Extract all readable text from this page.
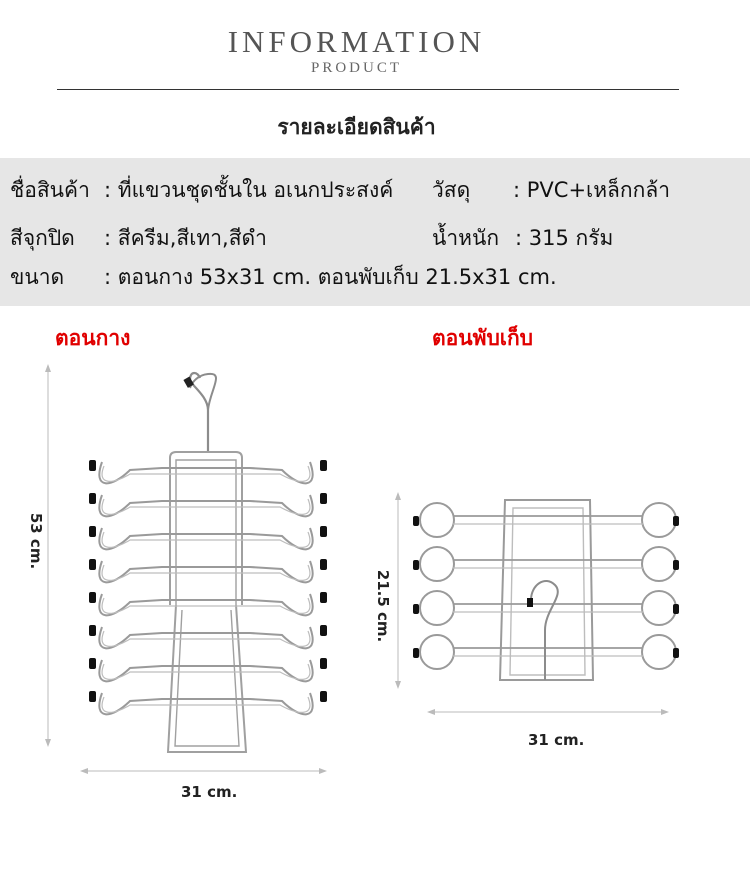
INFORMATION
PRODUCT
รายละเอียดสินค้า
ชื่อสินค้า : ที่แขวนชุดชั้นใน อเนกประสงค์ วัสดุ : PVC+เหล็กกล้า
สีจุกปิด : สีครีม,สีเทา,สีดำ	น้ำหนัก : 315 กรัม
ขนาด : ตอนกาง 53x31 cm. ตอนพับเก็บ 21.5x31 cm.
ตอนกาง	ตอนพับเก็บ
53 cm.
31 cm.
21.5 cm.
31 cm.
